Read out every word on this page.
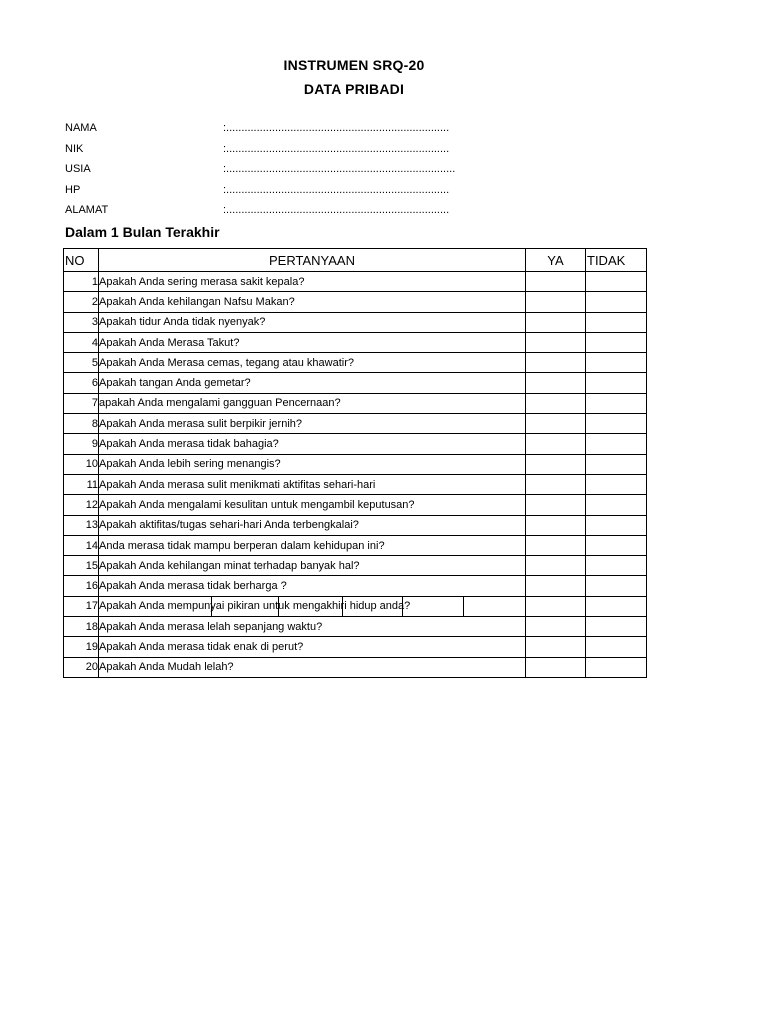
INSTRUMEN SRQ-20
DATA PRIBADI
NAMA	:.........................................................................
NIK	:.........................................................................
USIA	:...........................................................................
HP	:.........................................................................
ALAMAT	:.........................................................................
Dalam 1 Bulan Terakhir
NO	PERTANYAAN	YA	TIDAK
1	Apakah Anda sering merasa sakit kepala?		
2	Apakah Anda kehilangan Nafsu Makan?		
3	Apakah tidur Anda tidak nyenyak?		
4	Apakah Anda Merasa Takut?		
5	Apakah Anda Merasa cemas, tegang atau khawatir?		
6	Apakah tangan Anda gemetar?		
7	apakah Anda mengalami gangguan Pencernaan?		
8	Apakah Anda merasa sulit berpikir jernih?		
9	Apakah Anda merasa tidak bahagia?		
10	Apakah Anda lebih sering menangis?		
11	Apakah Anda merasa sulit menikmati aktifitas sehari-hari		
12	Apakah Anda mengalami kesulitan untuk mengambil keputusan?		
13	Apakah aktifitas/tugas sehari-hari Anda terbengkalai?		
14	Anda merasa tidak mampu berperan dalam kehidupan ini?		
15	Apakah Anda kehilangan minat terhadap banyak hal?		
16	Apakah Anda merasa tidak berharga ?		
17	Apakah Anda mempunyai pikiran untuk mengakhiri hidup anda?

18	Apakah Anda merasa lelah sepanjang waktu?		
19	Apakah Anda merasa tidak enak di perut?		
20	Apakah Anda Mudah lelah?		
